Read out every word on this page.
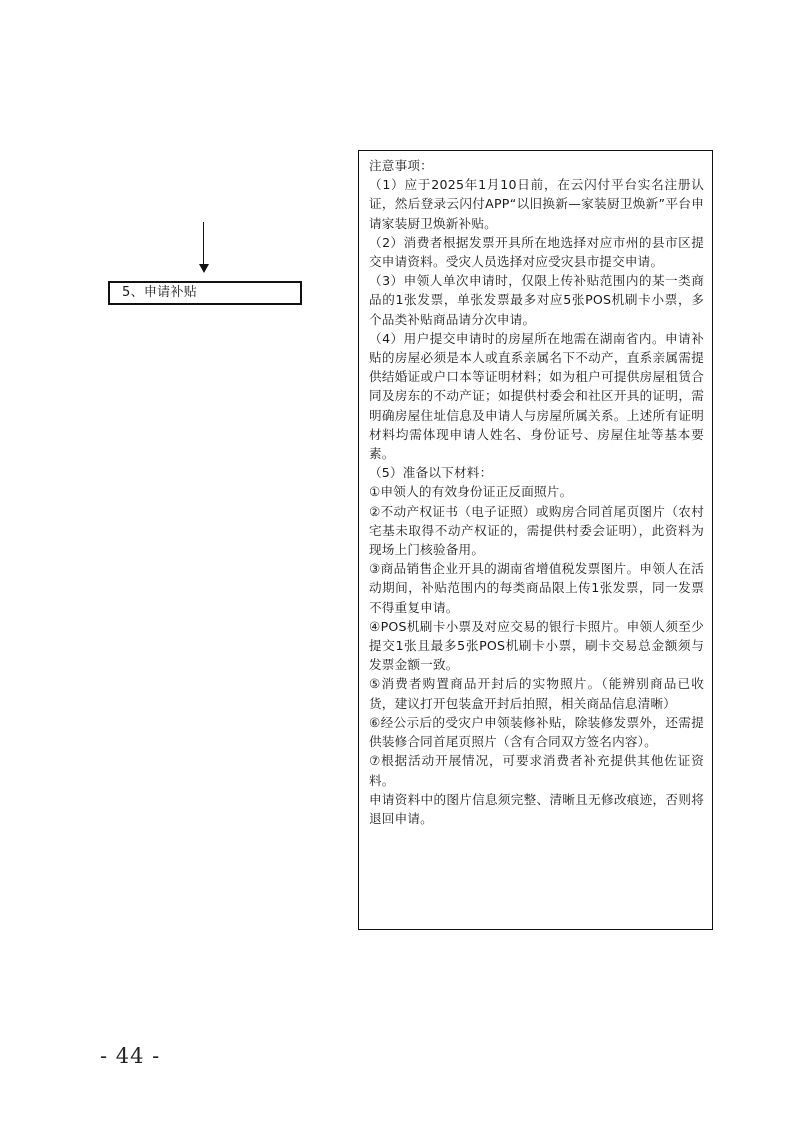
5、申请补贴

注意事项：

（1）应于2025年1月10日前，在云闪付平台实名注册认证，然后登录云闪付APP“以旧换新—家装厨卫焕新”平台申请家装厨卫焕新补贴。

（2）消费者根据发票开具所在地选择对应市州的县市区提交申请资料。受灾人员选择对应受灾县市提交申请。

（3）申领人单次申请时，仅限上传补贴范围内的某一类商品的1张发票，单张发票最多对应5张POS机刷卡小票，多个品类补贴商品请分次申请。

（4）用户提交申请时的房屋所在地需在湖南省内。申请补贴的房屋必须是本人或直系亲属名下不动产，直系亲属需提供结婚证或户口本等证明材料；如为租户可提供房屋租赁合同及房东的不动产证；如提供村委会和社区开具的证明，需明确房屋住址信息及申请人与房屋所属关系。上述所有证明材料均需体现申请人姓名、身份证号、房屋住址等基本要素。

（5）准备以下材料：

①申领人的有效身份证正反面照片。

②不动产权证书（电子证照）或购房合同首尾页图片（农村宅基未取得不动产权证的，需提供村委会证明），此资料为现场上门核验备用。

③商品销售企业开具的湖南省增值税发票图片。申领人在活动期间，补贴范围内的每类商品限上传1张发票，同一发票不得重复申请。

④POS机刷卡小票及对应交易的银行卡照片。申领人须至少提交1张且最多5张POS机刷卡小票，刷卡交易总金额须与发票金额一致。

⑤消费者购置商品开封后的实物照片。（能辨别商品已收货，建议打开包装盒开封后拍照，相关商品信息清晰）

⑥经公示后的受灾户申领装修补贴，除装修发票外，还需提供装修合同首尾页照片（含有合同双方签名内容）。

⑦根据活动开展情况，可要求消费者补充提供其他佐证资料。

申请资料中的图片信息须完整、清晰且无修改痕迹，否则将退回申请。

- 44 -
